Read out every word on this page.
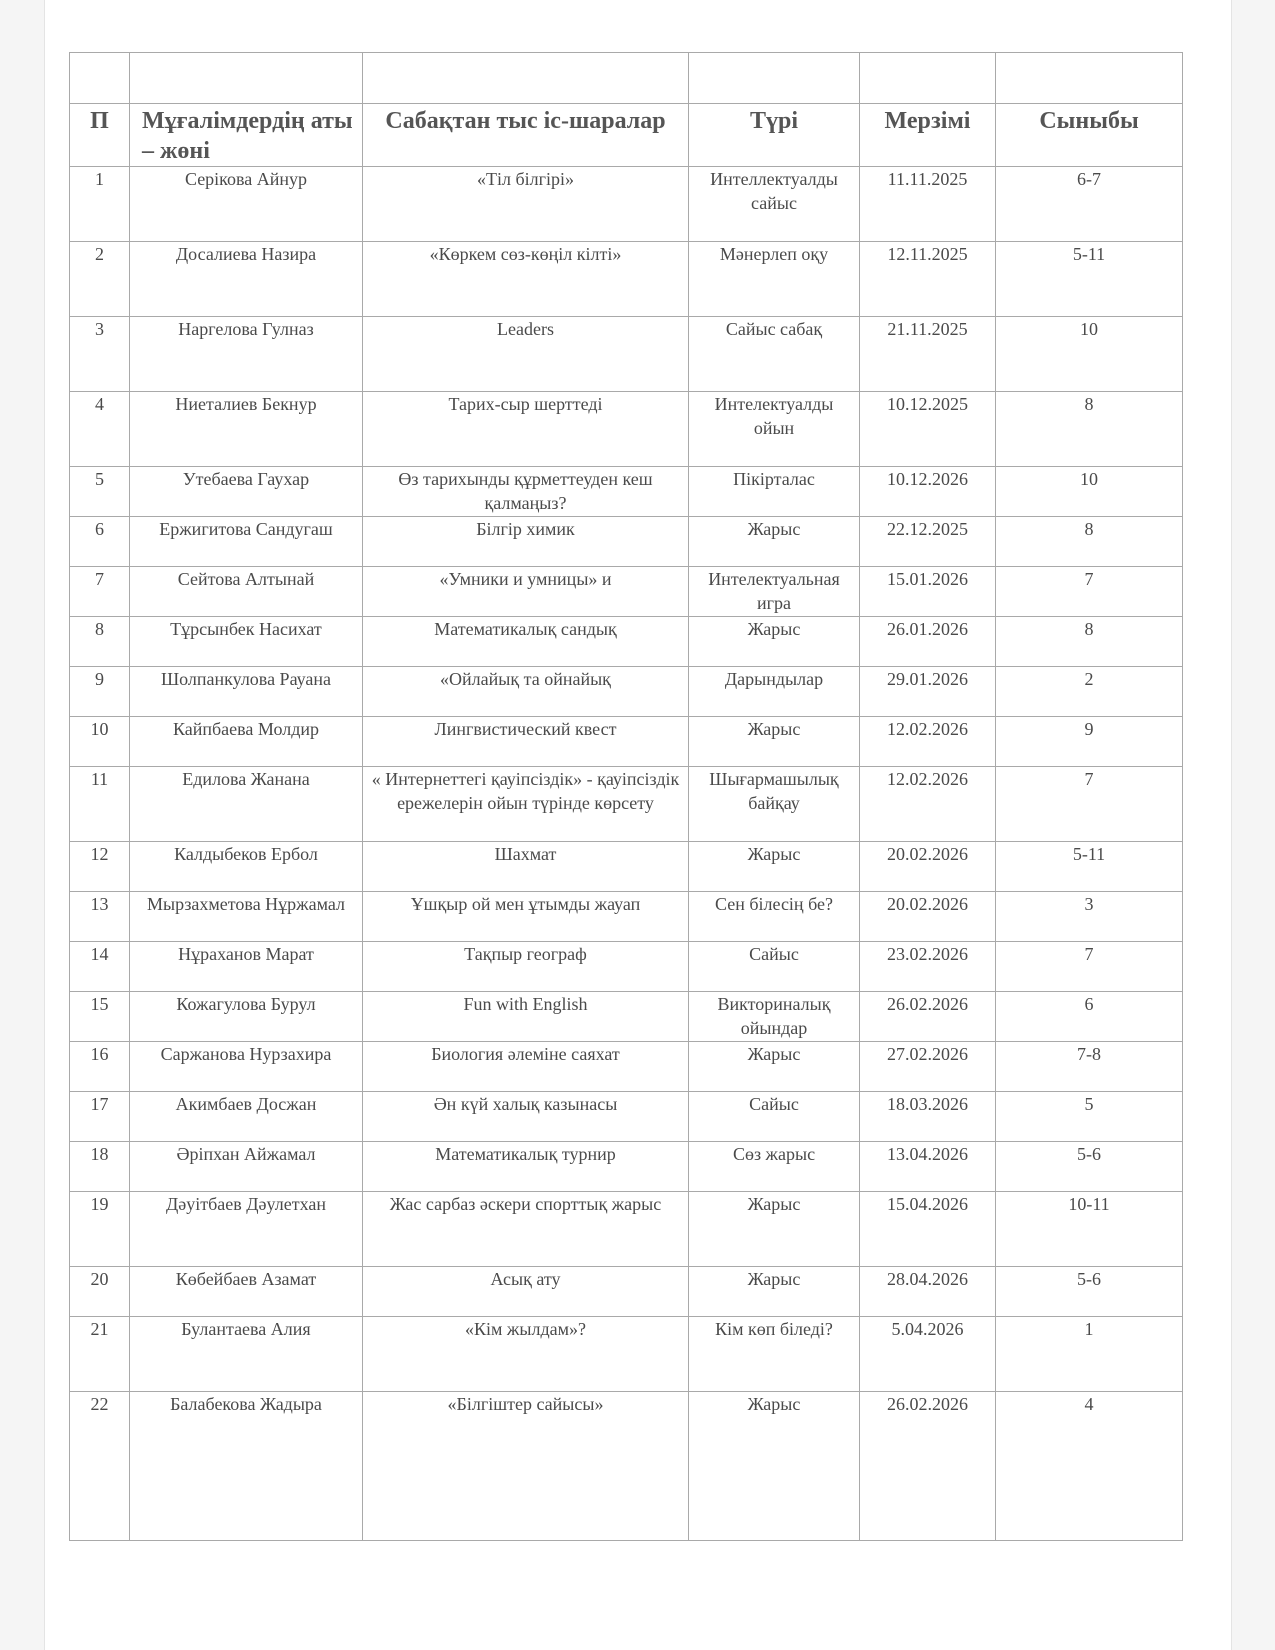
П	Мұғалімдердің аты – жөні	Сабақтан тыс іс-шаралар	Түрі	Мерзімі	Сыныбы
1	Серікова Айнур	«Тіл білгірі»	Интеллектуалды сайыс	11.11.2025	6-7
2	Досалиева Назира	«Көркем сөз-көңіл кілті»	Мәнерлеп оқу	12.11.2025	5-11
3	Наргелова Гулназ	Leaders	Сайыс сабақ	21.11.2025	10
4	Ниеталиев Бекнур	Тарих-сыр шерттеді	Интелектуалды ойын	10.12.2025	8
5	Утебаева Гаухар	Өз тарихынды құрметтеуден кеш қалмаңыз?	Пікірталас	10.12.2026	10
6	Ержигитова Сандугаш	Білгір химик	Жарыс	22.12.2025	8
7	Сейтова Алтынай	«Умники и умницы» и	Интелектуальная игра	15.01.2026	7
8	Тұрсынбек Насихат	Математикалық сандық	Жарыс	26.01.2026	8
9	Шолпанкулова Рауана	«Ойлайық та ойнайық	Дарындылар	29.01.2026	2
10	Кайпбаева Молдир	Лингвистический квест	Жарыс	12.02.2026	9
11	Едилова Жанана	« Интернеттегі қауіпсіздік» - қауіпсіздік ережелерін ойын түрінде көрсету	Шығармашылық байқау	12.02.2026	7
12	Калдыбеков Ербол	Шахмат	Жарыс	20.02.2026	5-11
13	Мырзахметова Нұржамал	Ұшқыр ой мен ұтымды жауап	Сен білесің бе?	20.02.2026	3
14	Нұраханов Марат	Тақпыр географ	Сайыс	23.02.2026	7
15	Кожагулова Бурул	Fun with English	Викториналық ойындар	26.02.2026	6
16	Саржанова Нурзахира	Биология әлеміне саяхат	Жарыс	27.02.2026	7-8
17	Акимбаев Досжан	Ән күй халық казынасы	Сайыс	18.03.2026	5
18	Әріпхан Айжамал	Математикалық турнир	Сөз жарыс	13.04.2026	5-6
19	Дәуітбаев Дәулетхан	Жас сарбаз әскери спорттық жарыс	Жарыс	15.04.2026	10-11
20	Көбейбаев Азамат	Асық ату	Жарыс	28.04.2026	5-6
21	Булантаева Алия	«Кім жылдам»?	Кім көп біледі?	5.04.2026	1
22	Балабекова Жадыра	«Білгіштер сайысы»	Жарыс	26.02.2026	4
